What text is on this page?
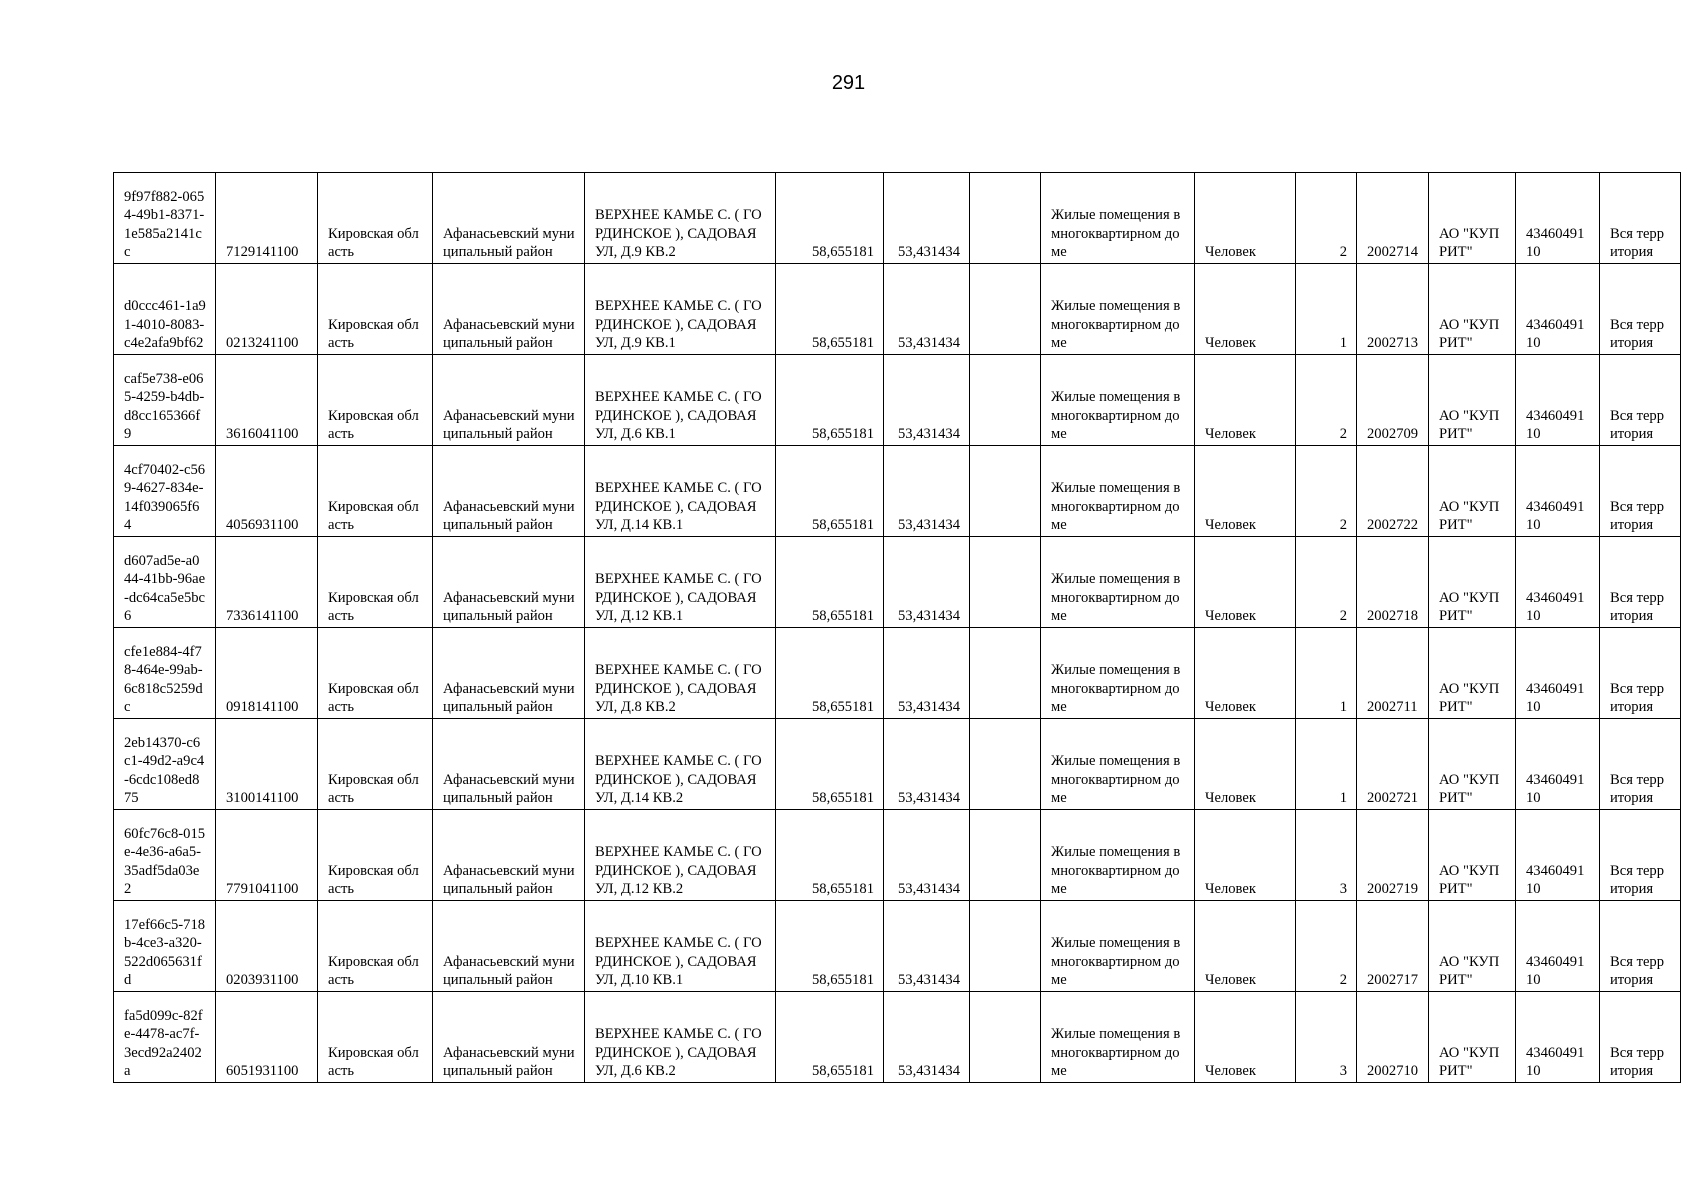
291
9f97f882-0654-49b1-8371-1e585a2141cc	7129141100	Кировская область	Афанасьевский муниципальный район	ВЕРХНЕЕ КАМЬЕ С. ( ГОРДИНСКОЕ ), САДОВАЯ УЛ, Д.9 КВ.2	58,655181	53,431434		Жилые помещения в многоквартирном доме	Человек	2	2002714	АО "КУПРИТ"	4346049110	Вся территория

d0ccc461-1a91-4010-8083-c4e2afa9bf62	0213241100	Кировская область	Афанасьевский муниципальный район	ВЕРХНЕЕ КАМЬЕ С. ( ГОРДИНСКОЕ ), САДОВАЯ УЛ, Д.9 КВ.1	58,655181	53,431434		Жилые помещения в многоквартирном доме	Человек	1	2002713	АО "КУПРИТ"	4346049110	Вся территория

caf5e738-e065-4259-b4db-d8cc165366f9	3616041100	Кировская область	Афанасьевский муниципальный район	ВЕРХНЕЕ КАМЬЕ С. ( ГОРДИНСКОЕ ), САДОВАЯ УЛ, Д.6 КВ.1	58,655181	53,431434		Жилые помещения в многоквартирном доме	Человек	2	2002709	АО "КУПРИТ"	4346049110	Вся территория

4cf70402-c569-4627-834e-14f039065f64	4056931100	Кировская область	Афанасьевский муниципальный район	ВЕРХНЕЕ КАМЬЕ С. ( ГОРДИНСКОЕ ), САДОВАЯ УЛ, Д.14 КВ.1	58,655181	53,431434		Жилые помещения в многоквартирном доме	Человек	2	2002722	АО "КУПРИТ"	4346049110	Вся территория

d607ad5e-a044-41bb-96ae-dc64ca5e5bc6	7336141100	Кировская область	Афанасьевский муниципальный район	ВЕРХНЕЕ КАМЬЕ С. ( ГОРДИНСКОЕ ), САДОВАЯ УЛ, Д.12 КВ.1	58,655181	53,431434		Жилые помещения в многоквартирном доме	Человек	2	2002718	АО "КУПРИТ"	4346049110	Вся территория

cfe1e884-4f78-464e-99ab-6c818c5259dc	0918141100	Кировская область	Афанасьевский муниципальный район	ВЕРХНЕЕ КАМЬЕ С. ( ГОРДИНСКОЕ ), САДОВАЯ УЛ, Д.8 КВ.2	58,655181	53,431434		Жилые помещения в многоквартирном доме	Человек	1	2002711	АО "КУПРИТ"	4346049110	Вся территория

2eb14370-c6c1-49d2-a9c4-6cdc108ed875	3100141100	Кировская область	Афанасьевский муниципальный район	ВЕРХНЕЕ КАМЬЕ С. ( ГОРДИНСКОЕ ), САДОВАЯ УЛ, Д.14 КВ.2	58,655181	53,431434		Жилые помещения в многоквартирном доме	Человек	1	2002721	АО "КУПРИТ"	4346049110	Вся территория

60fc76c8-015e-4e36-a6a5-35adf5da03e2	7791041100	Кировская область	Афанасьевский муниципальный район	ВЕРХНЕЕ КАМЬЕ С. ( ГОРДИНСКОЕ ), САДОВАЯ УЛ, Д.12 КВ.2	58,655181	53,431434		Жилые помещения в многоквартирном доме	Человек	3	2002719	АО "КУПРИТ"	4346049110	Вся территория

17ef66c5-718b-4ce3-a320-522d065631fd	0203931100	Кировская область	Афанасьевский муниципальный район	ВЕРХНЕЕ КАМЬЕ С. ( ГОРДИНСКОЕ ), САДОВАЯ УЛ, Д.10 КВ.1	58,655181	53,431434		Жилые помещения в многоквартирном доме	Человек	2	2002717	АО "КУПРИТ"	4346049110	Вся территория

fa5d099c-82fe-4478-ac7f-3ecd92a2402a	6051931100	Кировская область	Афанасьевский муниципальный район	ВЕРХНЕЕ КАМЬЕ С. ( ГОРДИНСКОЕ ), САДОВАЯ УЛ, Д.6 КВ.2	58,655181	53,431434		Жилые помещения в многоквартирном доме	Человек	3	2002710	АО "КУПРИТ"	4346049110	Вся территория
